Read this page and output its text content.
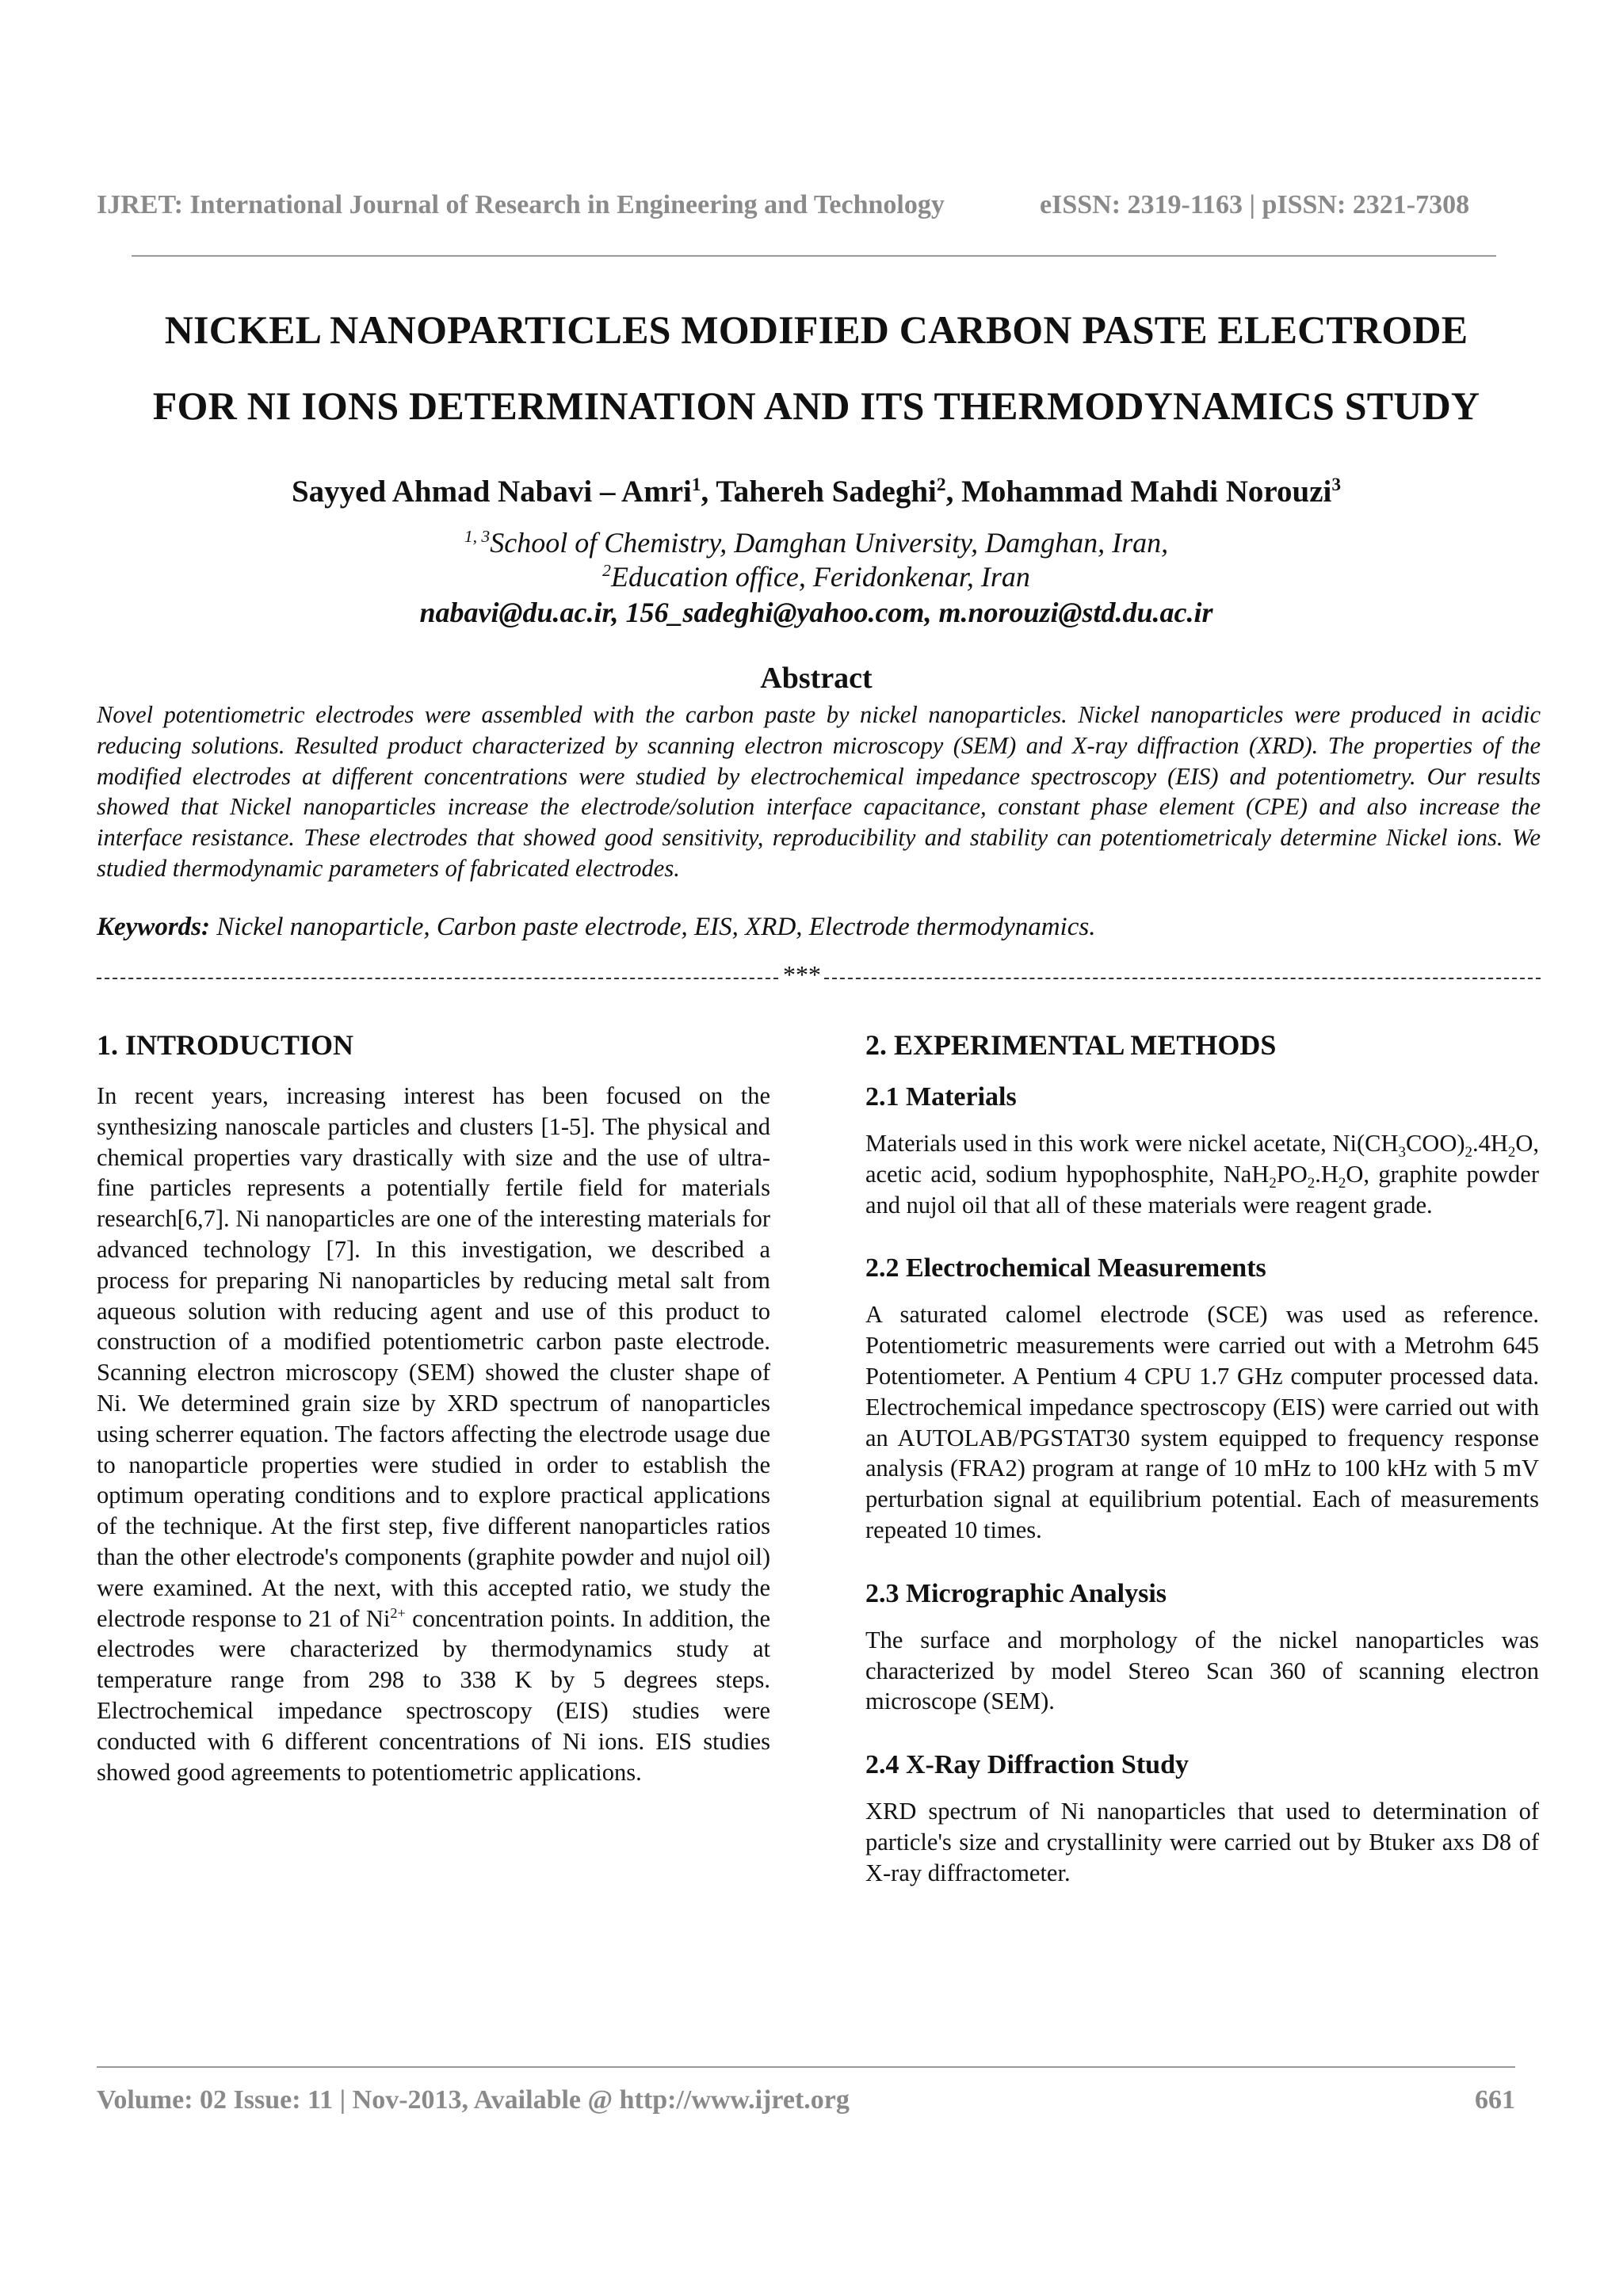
IJRET: International Journal of Research in Engineering and Technology	eISSN: 2319-1163 | pISSN: 2321-7308
NICKEL NANOPARTICLES MODIFIED CARBON PASTE ELECTRODE
FOR NI IONS DETERMINATION AND ITS THERMODYNAMICS STUDY
Sayyed Ahmad Nabavi – Amri$^1$, Tahereh Sadeghi$^2$, Mohammad Mahdi Norouzi$^3$
$^{1, 3}$School of Chemistry, Damghan University, Damghan, Iran,
$^2$Education office, Feridonkenar, Iran
nabavi@du.ac.ir, 156_sadeghi@yahoo.com, m.norouzi@std.du.ac.ir
Abstract
Novel potentiometric electrodes were assembled with the carbon paste by nickel nanoparticles. Nickel nanoparticles were produced in acidic reducing solutions. Resulted product characterized by scanning electron microscopy (SEM) and X-ray diffraction (XRD). The properties of the modified electrodes at different concentrations were studied by electrochemical impedance spectroscopy (EIS) and potentiometry. Our results showed that Nickel nanoparticles increase the electrode/solution interface capacitance, constant phase element (CPE) and also increase the interface resistance. These electrodes that showed good sensitivity, reproducibility and stability can potentiometricaly determine Nickel ions. We studied thermodynamic parameters of fabricated electrodes.
Keywords: Nickel nanoparticle, Carbon paste electrode, EIS, XRD, Electrode thermodynamics.
***
1. INTRODUCTION

In recent years, increasing interest has been focused on the synthesizing nanoscale particles and clusters [1-5]. The physical and chemical properties vary drastically with size and the use of ultra-fine particles represents a potentially fertile field for materials research[6,7]. Ni nanoparticles are one of the interesting materials for advanced technology [7]. In this investigation, we described a process for preparing Ni nanoparticles by reducing metal salt from aqueous solution with reducing agent and use of this product to construction of a modified potentiometric carbon paste electrode. Scanning electron microscopy (SEM) showed the cluster shape of Ni. We determined grain size by XRD spectrum of nanoparticles using scherrer equation. The factors affecting the electrode usage due to nanoparticle properties were studied in order to establish the optimum operating conditions and to explore practical applications of the technique. At the first step, five different nanoparticles ratios than the other electrode's components (graphite powder and nujol oil) were examined. At the next, with this accepted ratio, we study the electrode response to 21 of $Ni^{2+}$ concentration points. In addition, the electrodes were characterized by thermodynamics study at temperature range from 298 to 338 K by 5 degrees steps. Electrochemical impedance spectroscopy (EIS) studies were conducted with 6 different concentrations of Ni ions. EIS studies showed good agreements to potentiometric applications.

2. EXPERIMENTAL METHODS
2.1 Materials

Materials used in this work were nickel acetate, $Ni(CH_3COO)_2.4H_2O$, acetic acid, sodium hypophosphite, $NaH_2PO_2.H_2O$, graphite powder and nujol oil that all of these materials were reagent grade.

2.2 Electrochemical Measurements

A saturated calomel electrode (SCE) was used as reference. Potentiometric measurements were carried out with a Metrohm 645 Potentiometer. A Pentium 4 CPU 1.7 GHz computer processed data. Electrochemical impedance spectroscopy (EIS) were carried out with an AUTOLAB/PGSTAT30 system equipped to frequency response analysis (FRA2) program at range of 10 mHz to 100 kHz with 5 mV perturbation signal at equilibrium potential. Each of measurements repeated 10 times.

2.3 Micrographic Analysis

The surface and morphology of the nickel nanoparticles was characterized by model Stereo Scan 360 of scanning electron microscope (SEM).

2.4 X-Ray Diffraction Study

XRD spectrum of Ni nanoparticles that used to determination of particle's size and crystallinity were carried out by Btuker axs D8 of X-ray diffractometer.

Volume: 02 Issue: 11 | Nov-2013, Available @ http://www.ijret.org	661
